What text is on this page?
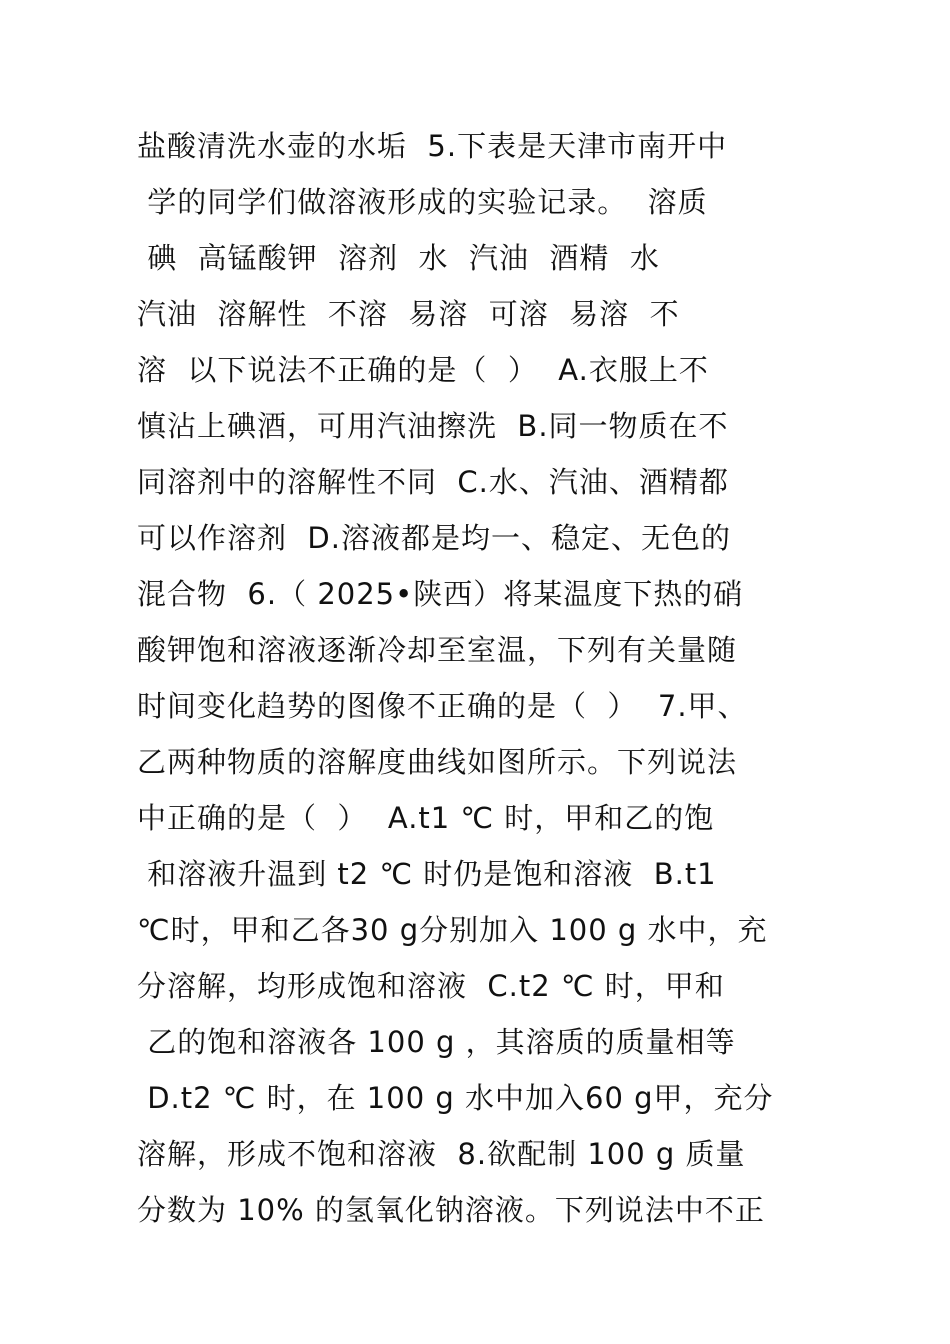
盐酸清洗水壶的水垢  5.下表是天津市南开中
学的同学们做溶液形成的实验记录。  溶质
碘  高锰酸钾  溶剂  水  汽油  酒精  水
汽油  溶解性  不溶  易溶  可溶  易溶  不
溶  以下说法不正确的是（  ）  A.衣服上不
慎沾上碘酒，可用汽油擦洗  B.同一物质在不
同溶剂中的溶解性不同  C.水、汽油、酒精都
可以作溶剂  D.溶液都是均一、稳定、无色的
混合物  6.（ 2025•陕西）将某温度下热的硝
酸钾饱和溶液逐渐冷却至室温，下列有关量随
时间变化趋势的图像不正确的是（  ）  7.甲、
乙两种物质的溶解度曲线如图所示。下列说法
中正确的是（  ）  A.t1 ℃ 时，甲和乙的饱
和溶液升温到 t2 ℃ 时仍是饱和溶液  B.t1
℃时，甲和乙各30 g分别加入 100 g 水中，充
分溶解，均形成饱和溶液  C.t2 ℃ 时，甲和
乙的饱和溶液各 100 g ，其溶质的质量相等
D.t2 ℃ 时，在 100 g 水中加入60 g甲，充分
溶解，形成不饱和溶液  8.欲配制 100 g 质量
分数为 10% 的氢氧化钠溶液。下列说法中不正
